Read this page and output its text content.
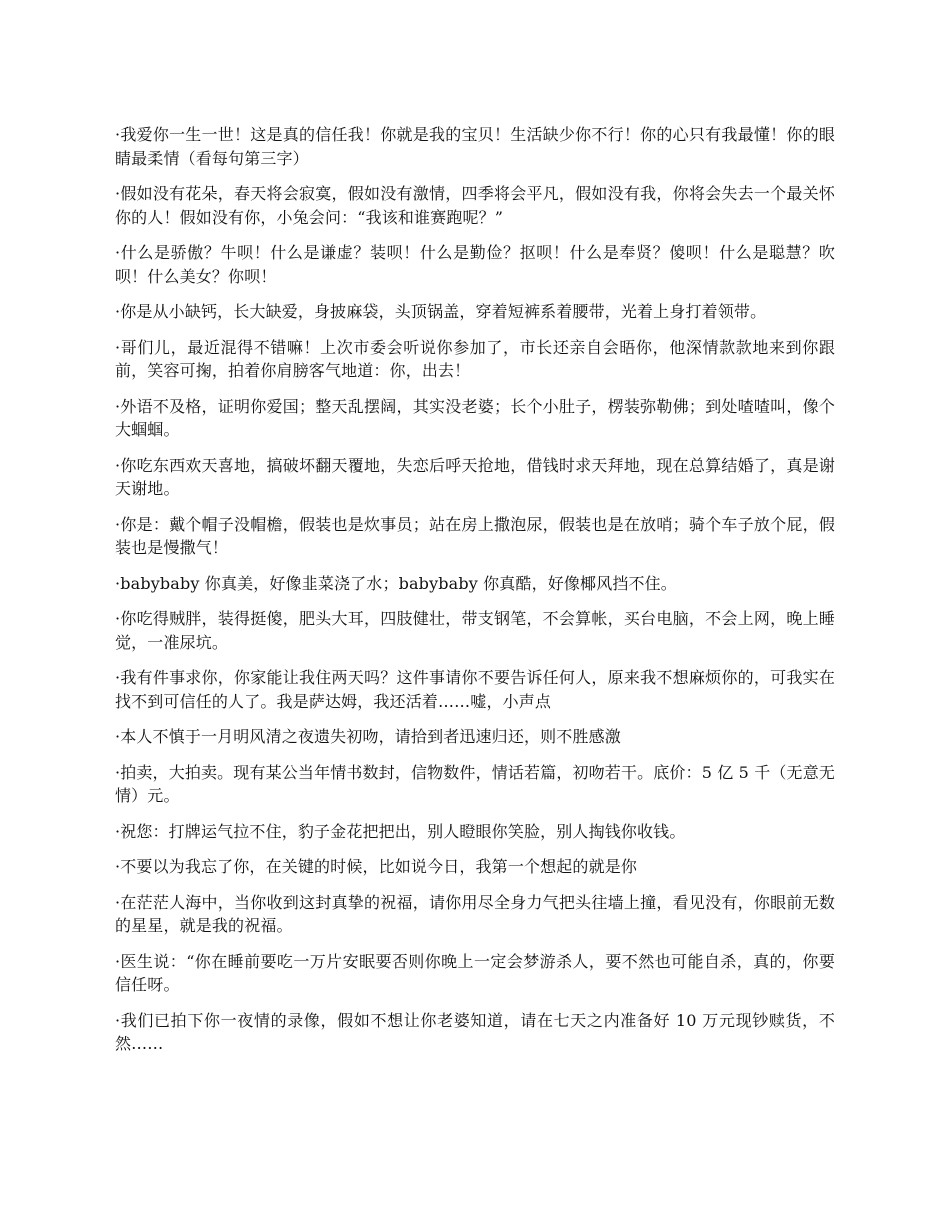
·我爱你一生一世！这是真的信任我！你就是我的宝贝！生活缺少你不行！你的心只有我最懂！你的眼睛最柔情（看每句第三字）

·假如没有花朵，春天将会寂寞，假如没有激情，四季将会平凡，假如没有我，你将会失去一个最关怀你的人！假如没有你，小兔会问：“我该和谁赛跑呢？”

·什么是骄傲？牛呗！什么是谦虚？装呗！什么是勤俭？抠呗！什么是奉贤？傻呗！什么是聪慧？吹呗！什么美女？你呗！

·你是从小缺钙，长大缺爱，身披麻袋，头顶锅盖，穿着短裤系着腰带，光着上身打着领带。

·哥们儿，最近混得不错嘛！上次市委会听说你参加了，市长还亲自会晤你，他深情款款地来到你跟前，笑容可掬，拍着你肩膀客气地道：你，出去！

·外语不及格，证明你爱国；整天乱摆阔，其实没老婆；长个小肚子，楞装弥勒佛；到处喳喳叫，像个大蝈蝈。

·你吃东西欢天喜地，搞破坏翻天覆地，失恋后呼天抢地，借钱时求天拜地，现在总算结婚了，真是谢天谢地。

·你是：戴个帽子没帽檐，假装也是炊事员；站在房上撒泡尿，假装也是在放哨；骑个车子放个屁，假装也是慢撒气！

·babybaby 你真美，好像韭菜浇了水；babybaby 你真酷，好像椰风挡不住。

·你吃得贼胖，装得挺傻，肥头大耳，四肢健壮，带支钢笔，不会算帐，买台电脑，不会上网，晚上睡觉，一准尿坑。

·我有件事求你，你家能让我住两天吗？这件事请你不要告诉任何人，原来我不想麻烦你的，可我实在找不到可信任的人了。我是萨达姆，我还活着……嘘，小声点

·本人不慎于一月明风清之夜遗失初吻，请拾到者迅速归还，则不胜感激

·拍卖，大拍卖。现有某公当年情书数封，信物数件，情话若篇，初吻若干。底价：5 亿 5 千（无意无情）元。

·祝您：打牌运气拉不住，豹子金花把把出，别人瞪眼你笑脸，别人掏钱你收钱。

·不要以为我忘了你，在关键的时候，比如说今日，我第一个想起的就是你

·在茫茫人海中，当你收到这封真挚的祝福，请你用尽全身力气把头往墙上撞，看见没有，你眼前无数的星星，就是我的祝福。

·医生说：“你在睡前要吃一万片安眠要否则你晚上一定会梦游杀人，要不然也可能自杀，真的，你要信任呀。

·我们已拍下你一夜情的录像，假如不想让你老婆知道，请在七天之内准备好 10 万元现钞赎货，不然……
